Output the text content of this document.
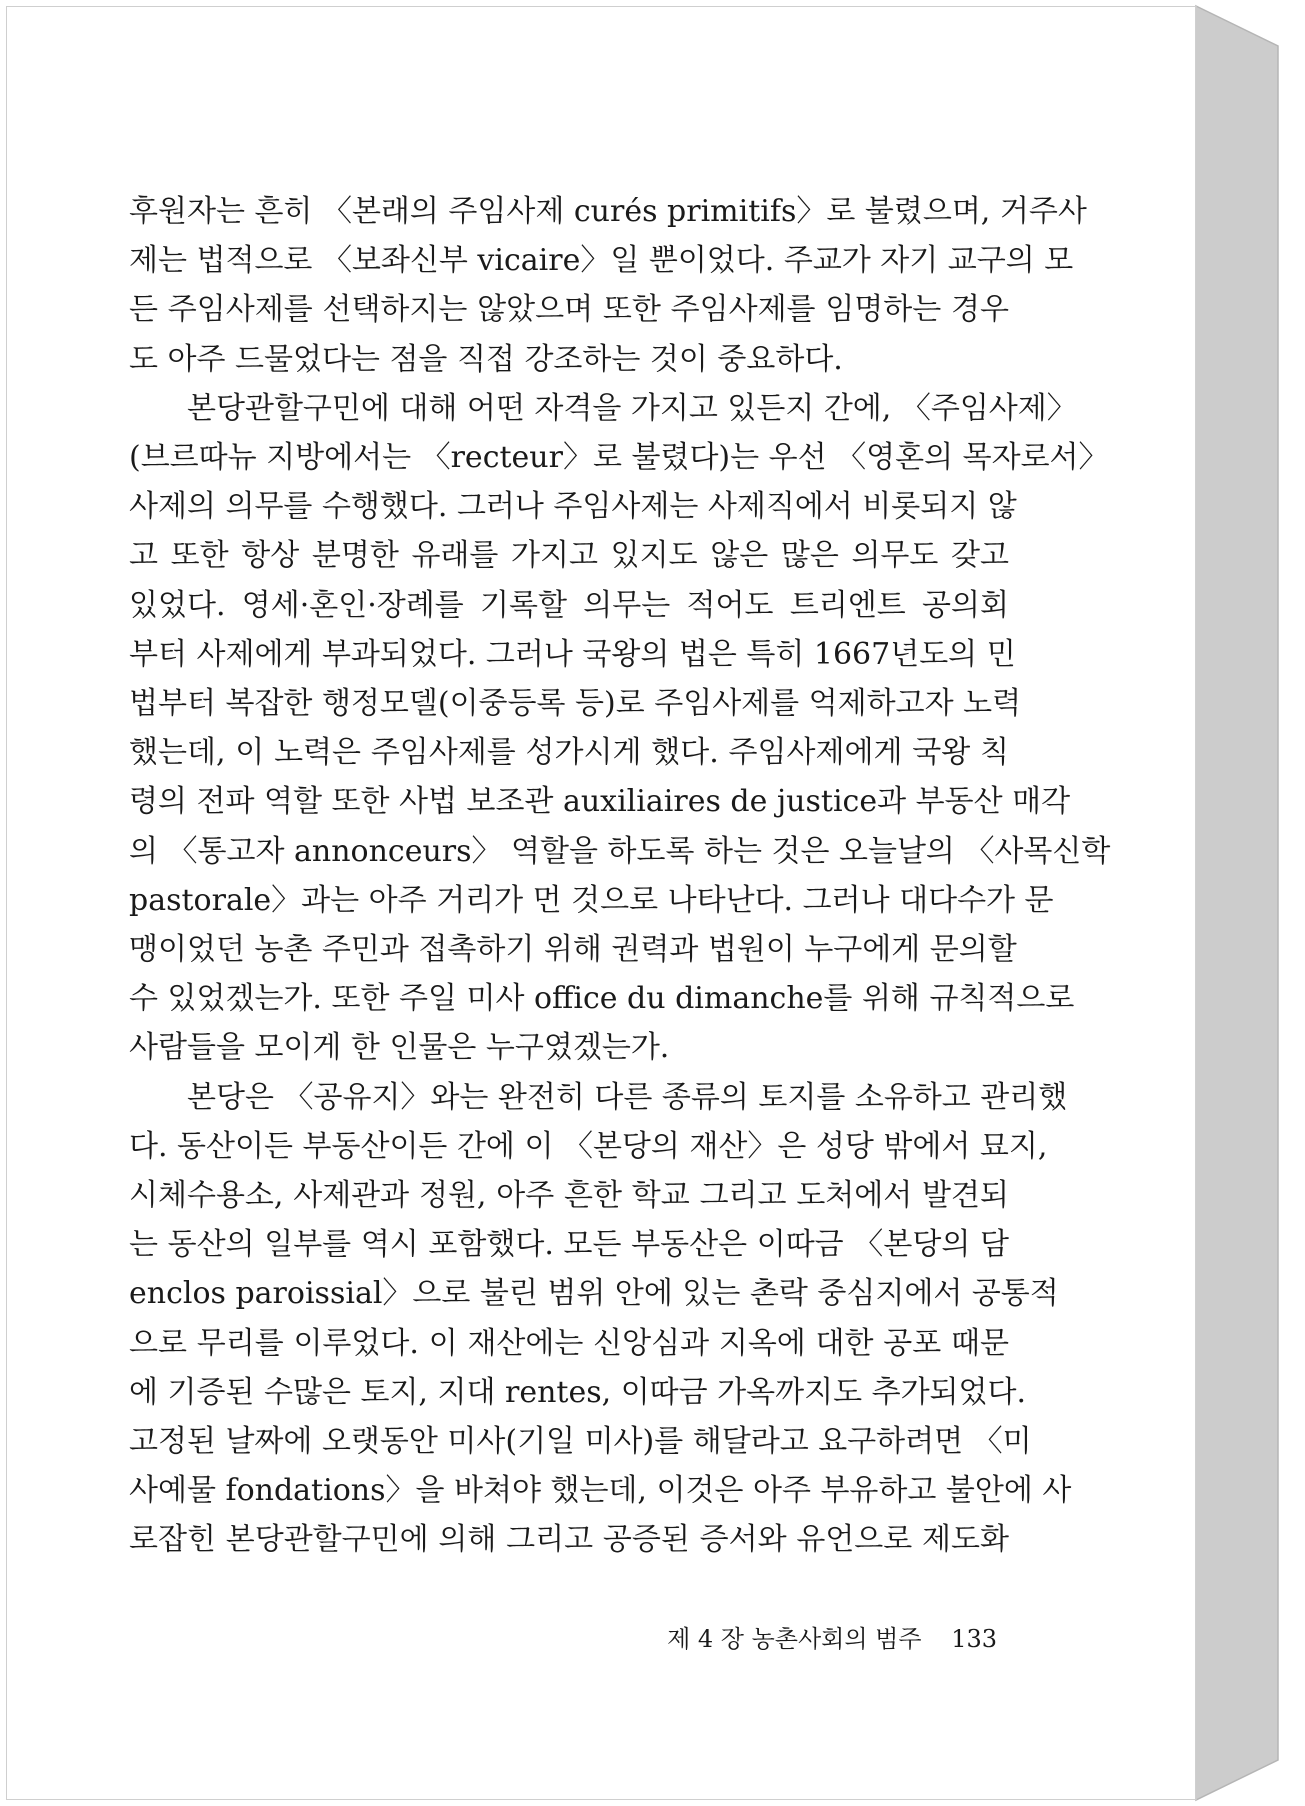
후원자는 흔히 〈본래의 주임사제 curés primitifs〉로 불렸으며, 거주사
제는 법적으로 〈보좌신부 vicaire〉일 뿐이었다. 주교가 자기 교구의 모
든 주임사제를 선택하지는 않았으며 또한 주임사제를 임명하는 경우
도 아주 드물었다는 점을 직접 강조하는 것이 중요하다.
본당관할구민에 대해 어떤 자격을 가지고 있든지 간에, 〈주임사제〉
(브르따뉴 지방에서는 〈recteur〉로 불렸다)는 우선 〈영혼의 목자로서〉
사제의 의무를 수행했다. 그러나 주임사제는 사제직에서 비롯되지 않
고 또한 항상 분명한 유래를 가지고 있지도 않은 많은 의무도 갖고
있었다. 영세·혼인·장례를 기록할 의무는 적어도 트리엔트 공의회
부터 사제에게 부과되었다. 그러나 국왕의 법은 특히 1667년도의 민
법부터 복잡한 행정모델(이중등록 등)로 주임사제를 억제하고자 노력
했는데, 이 노력은 주임사제를 성가시게 했다. 주임사제에게 국왕 칙
령의 전파 역할 또한 사법 보조관 auxiliaires de justice과 부동산 매각
의 〈통고자 annonceurs〉 역할을 하도록 하는 것은 오늘날의 〈사목신학
pastorale〉과는 아주 거리가 먼 것으로 나타난다. 그러나 대다수가 문
맹이었던 농촌 주민과 접촉하기 위해 권력과 법원이 누구에게 문의할
수 있었겠는가. 또한 주일 미사 office du dimanche를 위해 규칙적으로
사람들을 모이게 한 인물은 누구였겠는가.
본당은 〈공유지〉와는 완전히 다른 종류의 토지를 소유하고 관리했
다. 동산이든 부동산이든 간에 이 〈본당의 재산〉은 성당 밖에서 묘지,
시체수용소, 사제관과 정원, 아주 흔한 학교 그리고 도처에서 발견되
는 동산의 일부를 역시 포함했다. 모든 부동산은 이따금 〈본당의 담
enclos paroissial〉으로 불린 범위 안에 있는 촌락 중심지에서 공통적
으로 무리를 이루었다. 이 재산에는 신앙심과 지옥에 대한 공포 때문
에 기증된 수많은 토지, 지대 rentes, 이따금 가옥까지도 추가되었다.
고정된 날짜에 오랫동안 미사(기일 미사)를 해달라고 요구하려면 〈미
사예물 fondations〉을 바쳐야 했는데, 이것은 아주 부유하고 불안에 사
로잡힌 본당관할구민에 의해 그리고 공증된 증서와 유언으로 제도화
제 4 장 농촌사회의 범주 133
